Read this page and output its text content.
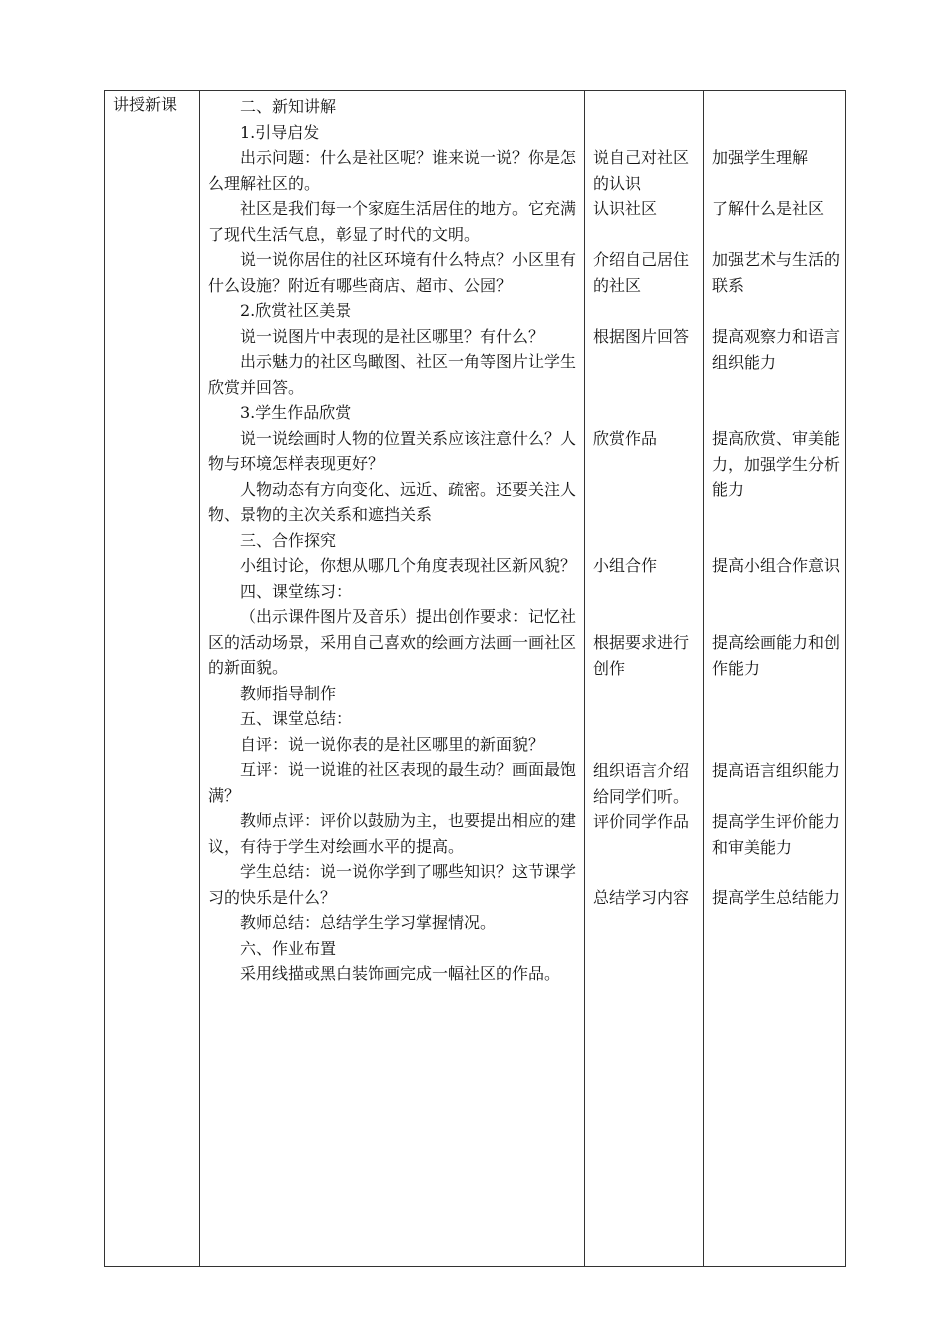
讲授新课	二、新知讲解

1.引导启发

出示问题：什么是社区呢？谁来说一说？你是怎么理解社区的。

社区是我们每一个家庭生活居住的地方。它充满了现代生活气息，彰显了时代的文明。

说一说你居住的社区环境有什么特点？小区里有什么设施？附近有哪些商店、超市、公园？

2.欣赏社区美景

说一说图片中表现的是社区哪里？有什么？

出示魅力的社区鸟瞰图、社区一角等图片让学生欣赏并回答。

3.学生作品欣赏

说一说绘画时人物的位置关系应该注意什么？人物与环境怎样表现更好？

人物动态有方向变化、远近、疏密。还要关注人物、景物的主次关系和遮挡关系

三、合作探究

小组讨论，你想从哪几个角度表现社区新风貌？

四、课堂练习：

（出示课件图片及音乐）提出创作要求：记忆社区的活动场景，采用自己喜欢的绘画方法画一画社区的新面貌。

教师指导制作

五、课堂总结：

自评：说一说你表的是社区哪里的新面貌？

互评：说一说谁的社区表现的最生动？画面最饱满？

教师点评：评价以鼓励为主，也要提出相应的建议，有待于学生对绘画水平的提高。

学生总结：说一说你学到了哪些知识？这节课学习的快乐是什么？

教师总结：总结学生学习掌握情况。

六、作业布置

采用线描或黑白装饰画完成一幅社区的作品。

说自己对社区的认识
认识社区
介绍自己居住的社区
根据图片回答
欣赏作品
小组合作
根据要求进行创作
组织语言介绍给同学们听。
评价同学作品
总结学习内容
加强学生理解
了解什么是社区
加强艺术与生活的联系
提高观察力和语言组织能力
提高欣赏、审美能力，加强学生分析能力
提高小组合作意识
提高绘画能力和创作能力
提高语言组织能力
提高学生评价能力和审美能力
提高学生总结能力
